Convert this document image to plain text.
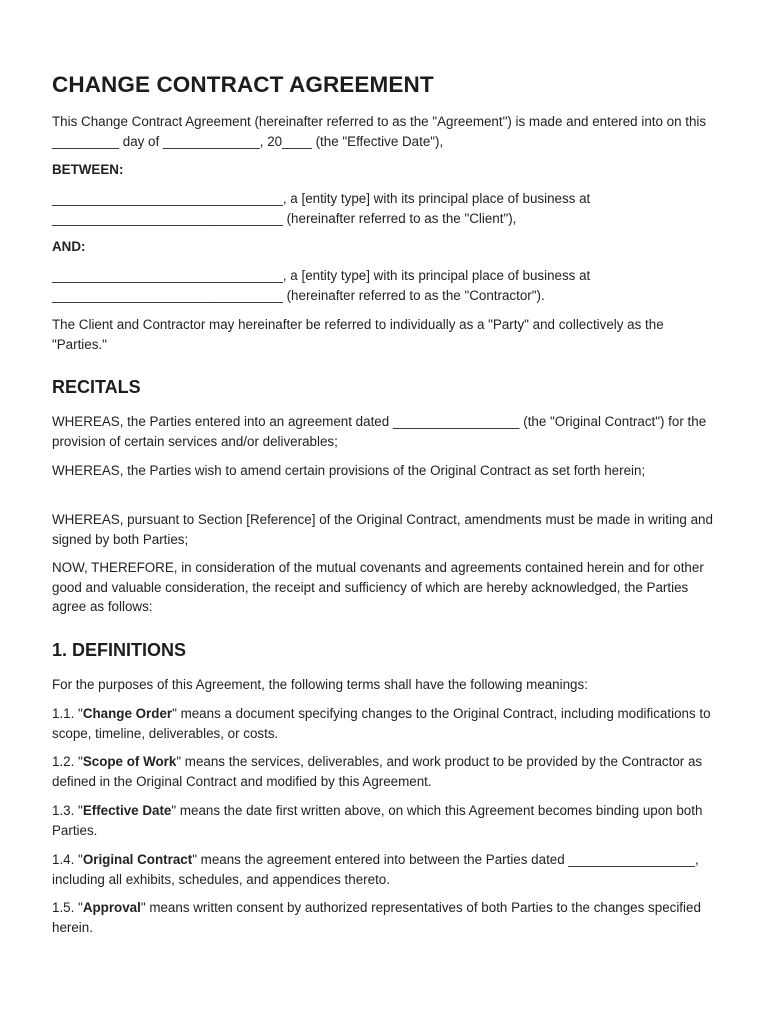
CHANGE CONTRACT AGREEMENT

This Change Contract Agreement (hereinafter referred to as the "Agreement") is made and entered into on this _________ day of _____________, 20____ (the "Effective Date"),

BETWEEN:

_______________________________, a [entity type] with its principal place of business at

_______________________________ (hereinafter referred to as the "Client"),

AND:

_______________________________, a [entity type] with its principal place of business at

_______________________________ (hereinafter referred to as the "Contractor").

The Client and Contractor may hereinafter be referred to individually as a "Party" and collectively as the "Parties."

RECITALS

WHEREAS, the Parties entered into an agreement dated _________________ (the "Original Contract") for the provision of certain services and/or deliverables;

WHEREAS, the Parties wish to amend certain provisions of the Original Contract as set forth herein;

WHEREAS, pursuant to Section [Reference] of the Original Contract, amendments must be made in writing and signed by both Parties;

NOW, THEREFORE, in consideration of the mutual covenants and agreements contained herein and for other good and valuable consideration, the receipt and sufficiency of which are hereby acknowledged, the Parties agree as follows:

1. DEFINITIONS

For the purposes of this Agreement, the following terms shall have the following meanings:

1.1. "Change Order" means a document specifying changes to the Original Contract, including modifications to scope, timeline, deliverables, or costs.

1.2. "Scope of Work" means the services, deliverables, and work product to be provided by the Contractor as defined in the Original Contract and modified by this Agreement.

1.3. "Effective Date" means the date first written above, on which this Agreement becomes binding upon both Parties.

1.4. "Original Contract" means the agreement entered into between the Parties dated _________________, including all exhibits, schedules, and appendices thereto.

1.5. "Approval" means written consent by authorized representatives of both Parties to the changes specified herein.
